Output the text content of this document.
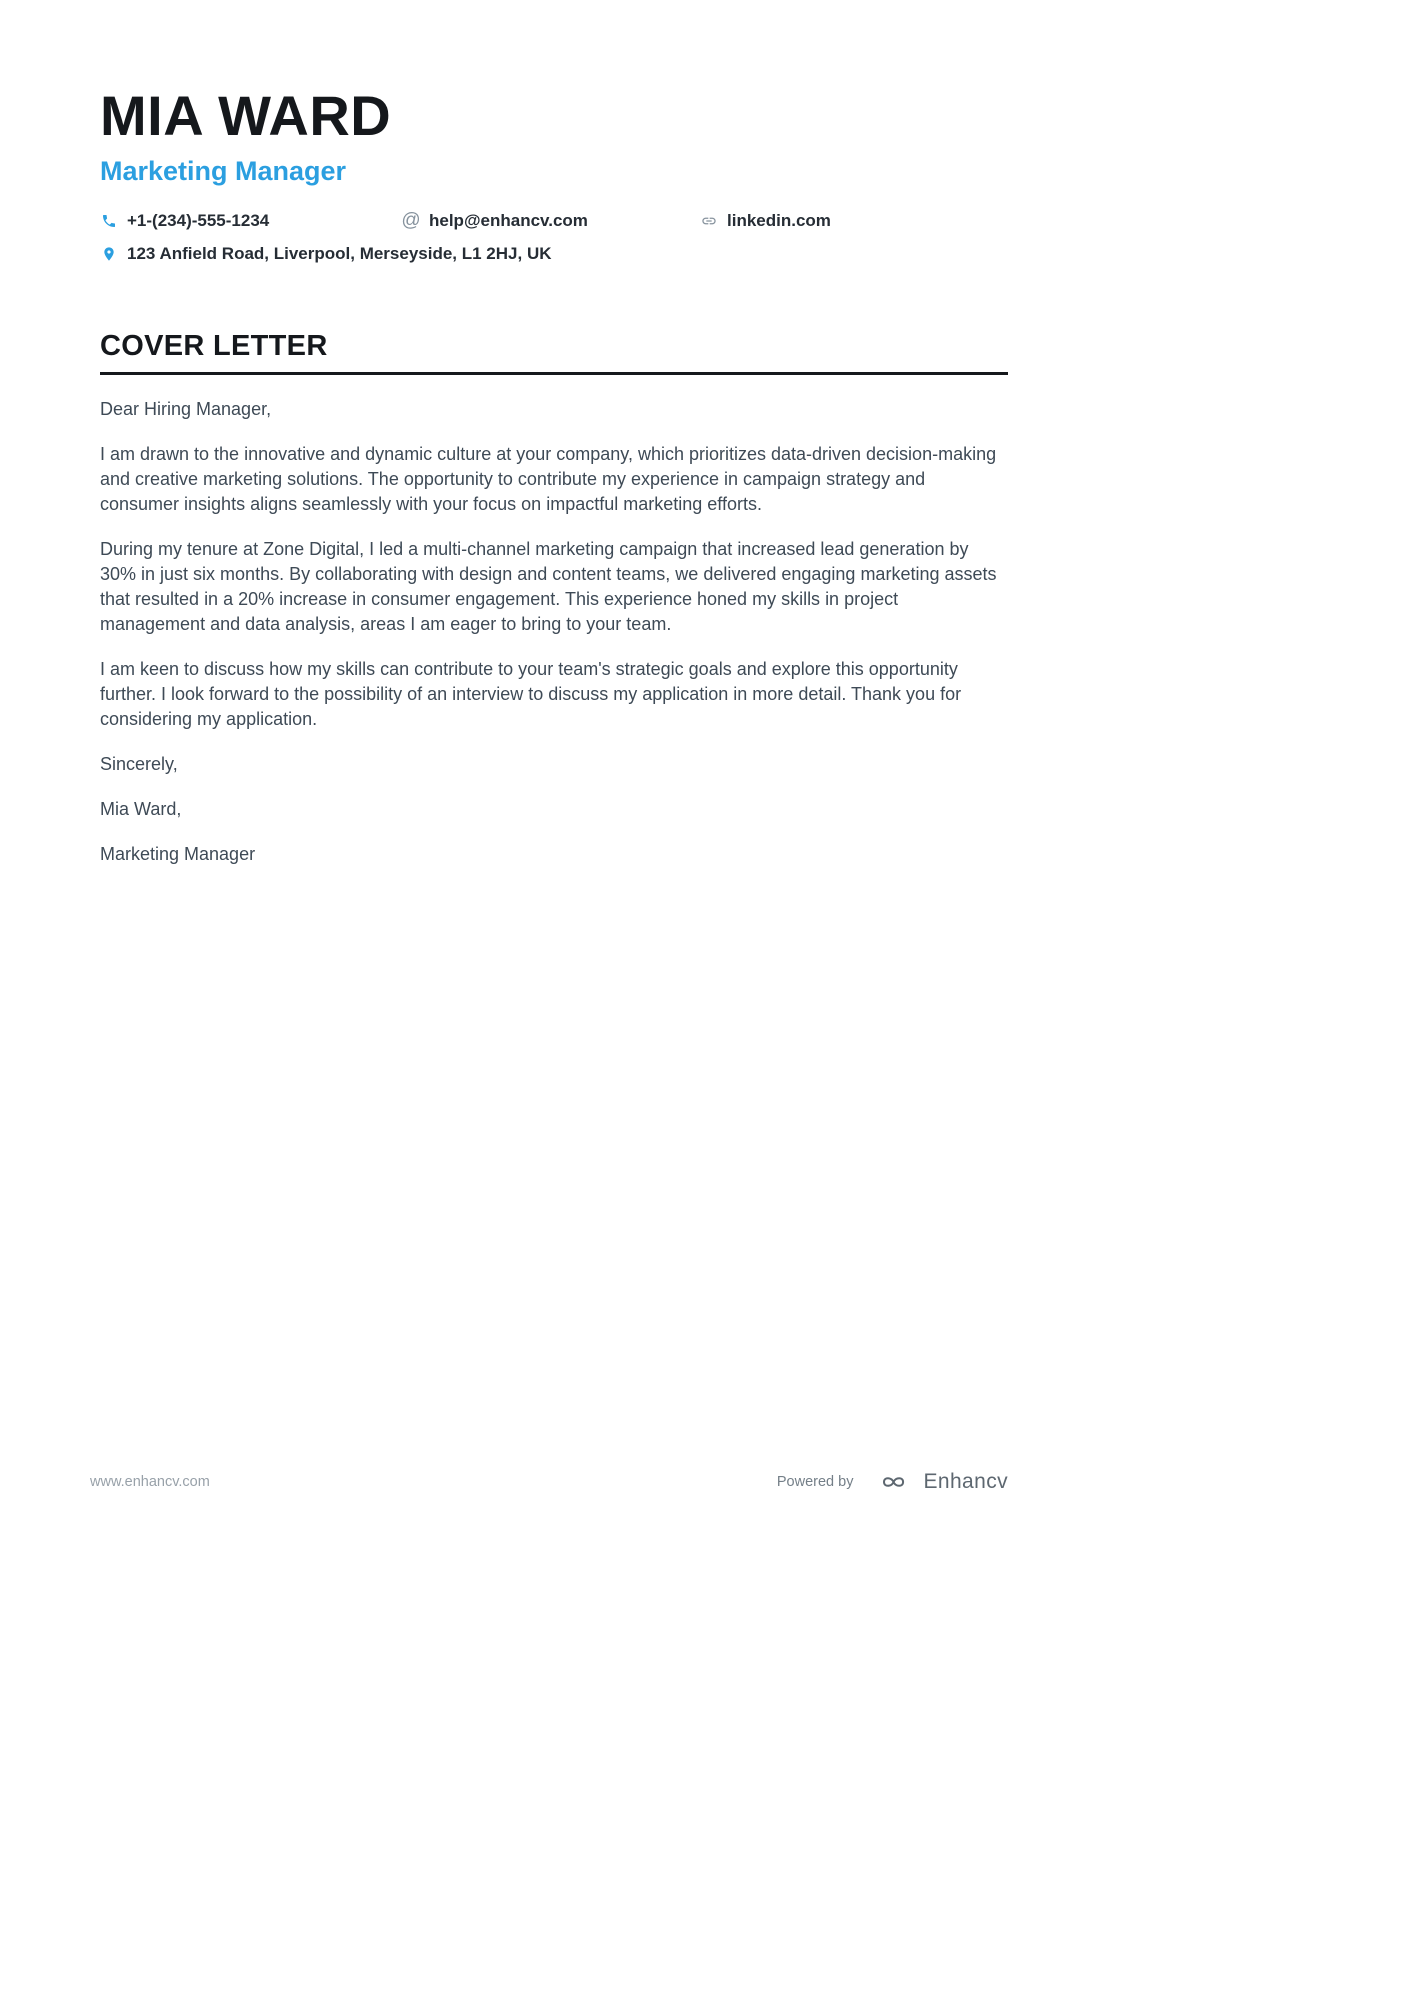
MIA WARD
Marketing Manager
+1-(234)-555-1234	@ help@enhancv.com	linkedin.com
123 Anfield Road, Liverpool, Merseyside, L1 2HJ, UK
COVER LETTER

Dear Hiring Manager,

I am drawn to the innovative and dynamic culture at your company, which prioritizes data-driven decision-making and creative marketing solutions. The opportunity to contribute my experience in campaign strategy and consumer insights aligns seamlessly with your focus on impactful marketing efforts.

During my tenure at Zone Digital, I led a multi-channel marketing campaign that increased lead generation by 30% in just six months. By collaborating with design and content teams, we delivered engaging marketing assets that resulted in a 20% increase in consumer engagement. This experience honed my skills in project management and data analysis, areas I am eager to bring to your team.

I am keen to discuss how my skills can contribute to your team's strategic goals and explore this opportunity further. I look forward to the possibility of an interview to discuss my application in more detail. Thank you for considering my application.

Sincerely,

Mia Ward,

Marketing Manager

www.enhancv.com	Powered by	Enhancv
